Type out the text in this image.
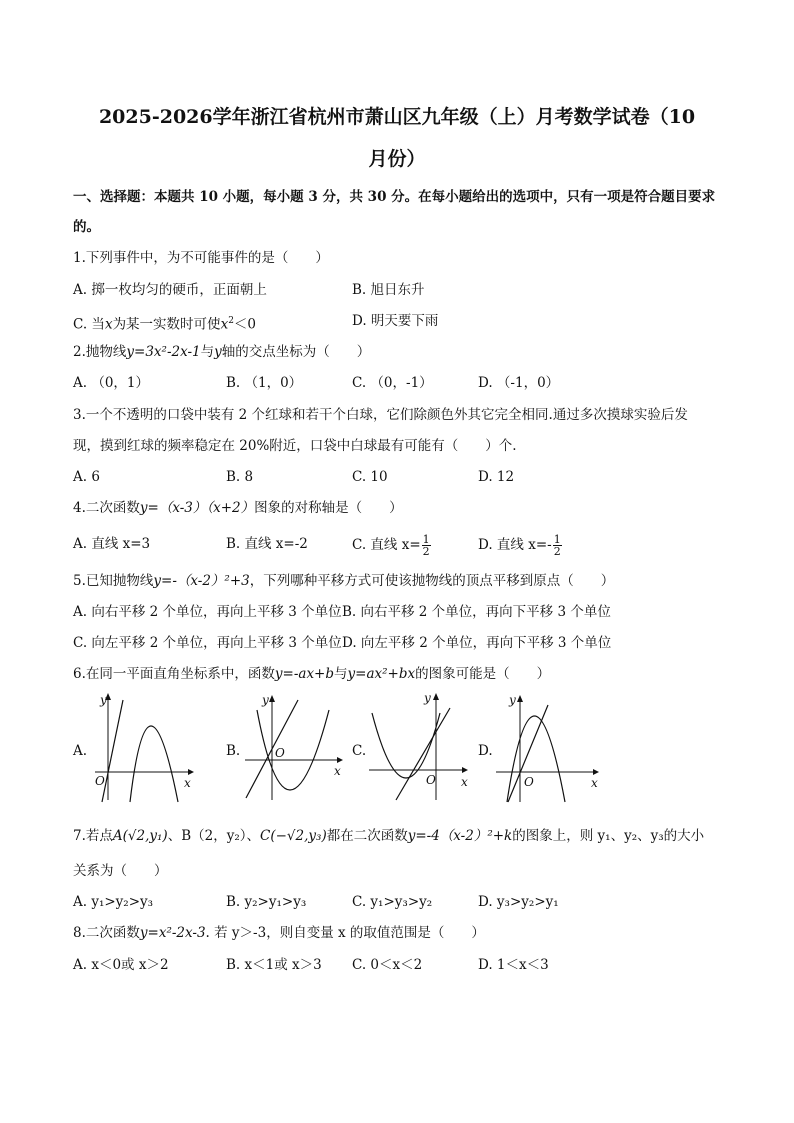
2025-2026学年浙江省杭州市萧山区九年级（上）月考数学试卷（10
月份）
一、选择题：本题共 10 小题，每小题 3 分，共 30 分。在每小题给出的选项中，只有一项是符合题目要求
的。
1.下列事件中，为不可能事件的是（　　）
A. 掷一枚均匀的硬币，正面朝上	B. 旭日东升
C. 当x为某一实数时可使$x^2<0$	D. 明天要下雨
2.抛物线y=3x²-2x-1与y轴的交点坐标为（　　）
A. （0，1）	B. （1，0）	C. （0，-1）	D. （-1，0）
3.一个不透明的口袋中装有 2 个红球和若干个白球，它们除颜色外其它完全相同.通过多次摸球实验后发
现，摸到红球的频率稳定在 20%附近，口袋中白球最有可能有（　　）个.
A. 6	B. 8	C. 10	D. 12
4.二次函数y=（x-3）（x+2）图象的对称轴是（　　）
A. 直线 x=3	B. 直线 x=-2	C. 直线 $x= \frac{1}{2}$	D. 直线 $x=- \frac{1}{2}$
5.已知抛物线y=-（x-2）²+3，下列哪种平移方式可使该抛物线的顶点平移到原点（　　）
A. 向右平移 2 个单位，再向上平移 3 个单位 B. 向右平移 2 个单位，再向下平移 3 个单位
C. 向左平移 2 个单位，再向上平移 3 个单位 D. 向左平移 2 个单位，再向下平移 3 个单位
6.在同一平面直角坐标系中，函数y=-ax+b与y=ax²+bx的图象可能是（　　）
A.	B.	C.	D.
x
y
O
x
y
O
x
y
O	x
y
O
7.若点A(√2,y₁)、B（2，y₂）、C(−√2,y₃)都在二次函数y=-4（x-2）²+k的图象上，则 y₁、y₂、y₃的大小
关系为（　　）
A. y₁>y₂>y₃	B. y₂>y₁>y₃	C. y₁>y₃>y₂	D. y₃>y₂>y₁
8.二次函数y=x²-2x-3. 若 y＞-3，则自变量 x 的取值范围是（　　）
A. x＜0或 x＞2	B. x＜1或 x＞3 C. 0＜x＜2	D. 1＜x＜3
